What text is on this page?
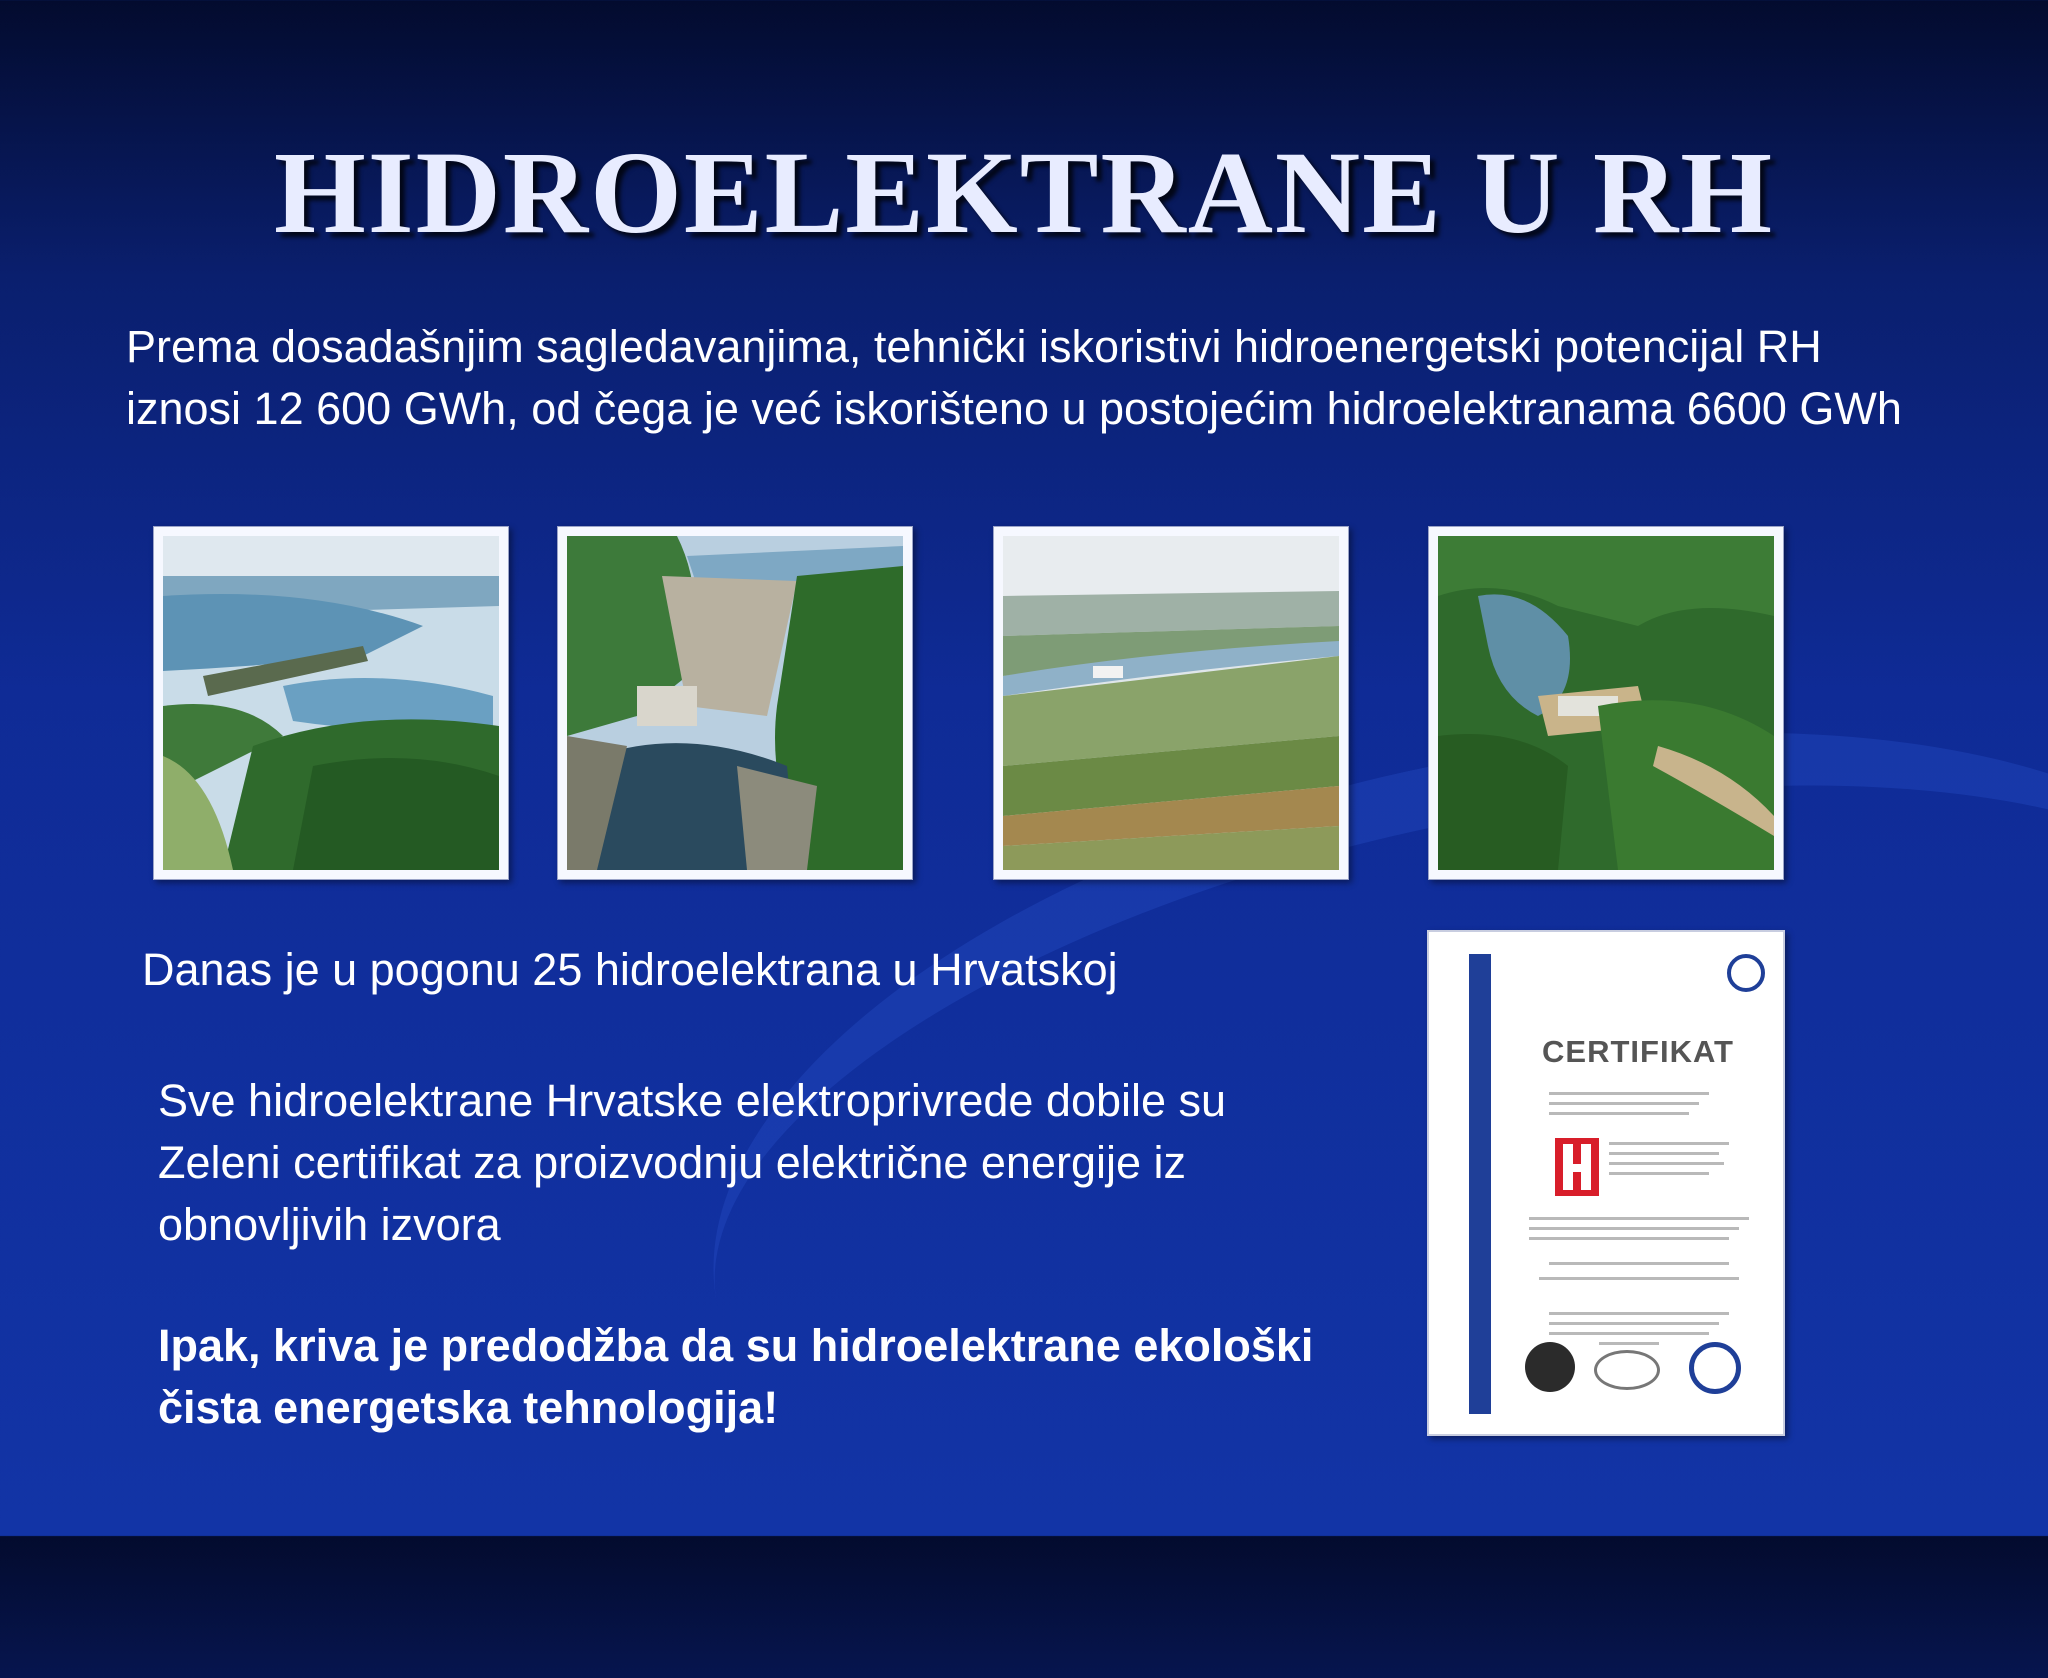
HIDROELEKTRANE U RH
Prema dosadašnjim sagledavanjima, tehnički iskoristivi hidroenergetski potencijal RH iznosi 12 600 GWh, od čega je već iskorišteno u postojećim hidroelektranama 6600 GWh
Danas je u pogonu 25 hidroelektrana u Hrvatskoj
Sve hidroelektrane Hrvatske elektroprivrede dobile su Zeleni certifikat za proizvodnju električne energije iz obnovljivih izvora
Ipak, kriva je predodžba da su hidroelektrane ekološki čista energetska tehnologija!
CERTIFIKAT
